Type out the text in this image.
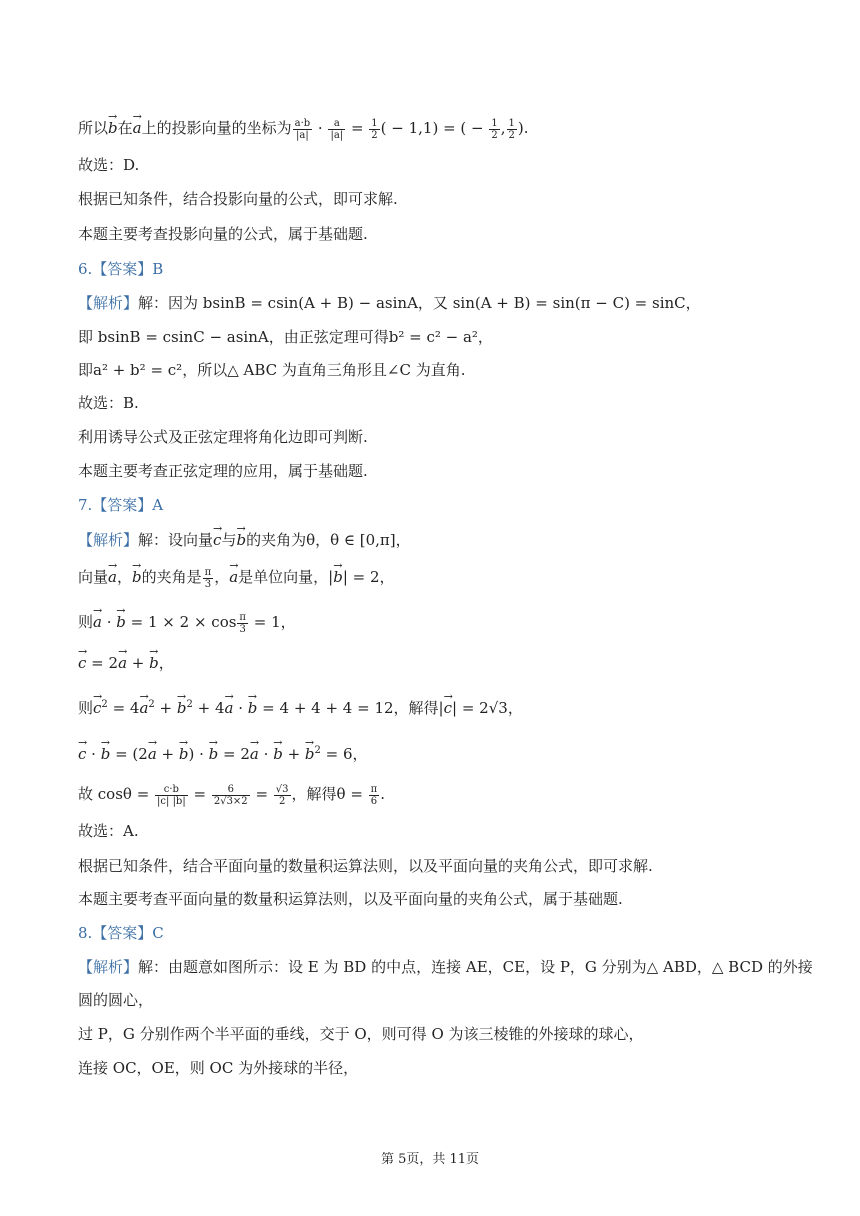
所以→ b在→ a上的投影向量的坐标为 $\frac{a\cdot b}{|a|} \cdot \frac{a}{|a|} = \frac{1}{2}$ ( − 1,1) = ( − $\frac{1}{2}$ , $\frac{1}{2}$ ).
故选：D.
根据已知条件，结合投影向量的公式，即可求解.
本题主要考查投影向量的公式，属于基础题.
6.【答案】B
【解析】解：因为 bsinB = csin(A + B) − asinA，又 sin(A + B) = sin(π − C) = sinC，
即 bsinB = csinC − asinA，由正弦定理可得b² = c² − a²，
即a² + b² = c²，所以△ ABC 为直角三角形且∠C 为直角.
故选：B.
利用诱导公式及正弦定理将角化边即可判断.
本题主要考查正弦定理的应用，属于基础题.
7.【答案】A
【解析】解：设向量→ c与→ b的夹角为θ，θ ∈ [0,π]，
向量→ a，→ b的夹角是 $\frac{\pi}{3}$ ，→ a是单位向量，|→ b| = 2，
则→ a · → $b = 1 \times 2 \times \cos \frac{\pi}{3} = 1$，
→ c = 2→ a + → b，
则→ $c^2 = 4\to a^2$ + → $b^2 + 4\to a$ · → b = 4 + 4 + 4 = 12，解得|→ c| = 2√3，
→ c · → b = (2→ a + → b) · → b = 2→ a · → b + → $b^2 = 6$，
故 $\cos\theta = \frac{c\cdot b}{|c| |b|} = \frac{6}{2√3\times 2} = \frac{√3}{2}$ ，解得$\theta = \frac{\pi}{6}$ .
故选：A.
根据已知条件，结合平面向量的数量积运算法则，以及平面向量的夹角公式，即可求解.
本题主要考查平面向量的数量积运算法则，以及平面向量的夹角公式，属于基础题.
8.【答案】C
【解析】解：由题意如图所示：设 E 为 BD 的中点，连接 AE，CE，设 P，G 分别为△ ABD，△ BCD 的外接
圆的圆心，
过 P，G 分别作两个半平面的垂线，交于 O，则可得 O 为该三棱锥的外接球的球心，
连接 OC，OE，则 OC 为外接球的半径，
第 5页，共 11页
